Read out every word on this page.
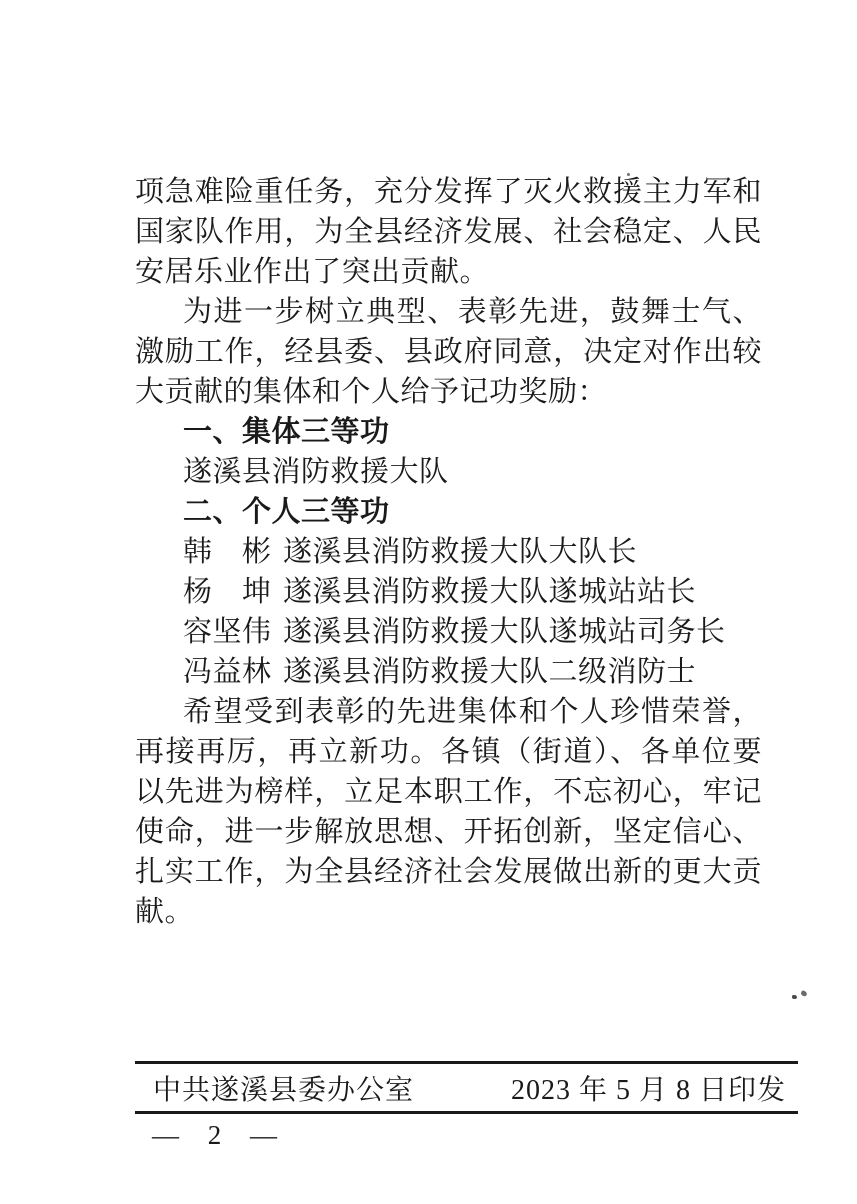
项急难险重任务，充分发挥了灭火救援主力军和国家队作用，为全县经济发展、社会稳定、人民安居乐业作出了突出贡献。

为进一步树立典型、表彰先进，鼓舞士气、激励工作，经县委、县政府同意，决定对作出较大贡献的集体和个人给予记功奖励：

一、集体三等功

遂溪县消防救援大队

二、个人三等功
韩　彬 遂溪县消防救援大队大队长
杨　坤 遂溪县消防救援大队遂城站站长
容坚伟 遂溪县消防救援大队遂城站司务长
冯益林 遂溪县消防救援大队二级消防士

希望受到表彰的先进集体和个人珍惜荣誉，再接再厉，再立新功。各镇（街道）、各单位要以先进为榜样，立足本职工作，不忘初心，牢记使命，进一步解放思想、开拓创新，坚定信心、扎实工作，为全县经济社会发展做出新的更大贡献。

中共遂溪县委办公室	2023 年 5 月 8 日印发
— 2 —
